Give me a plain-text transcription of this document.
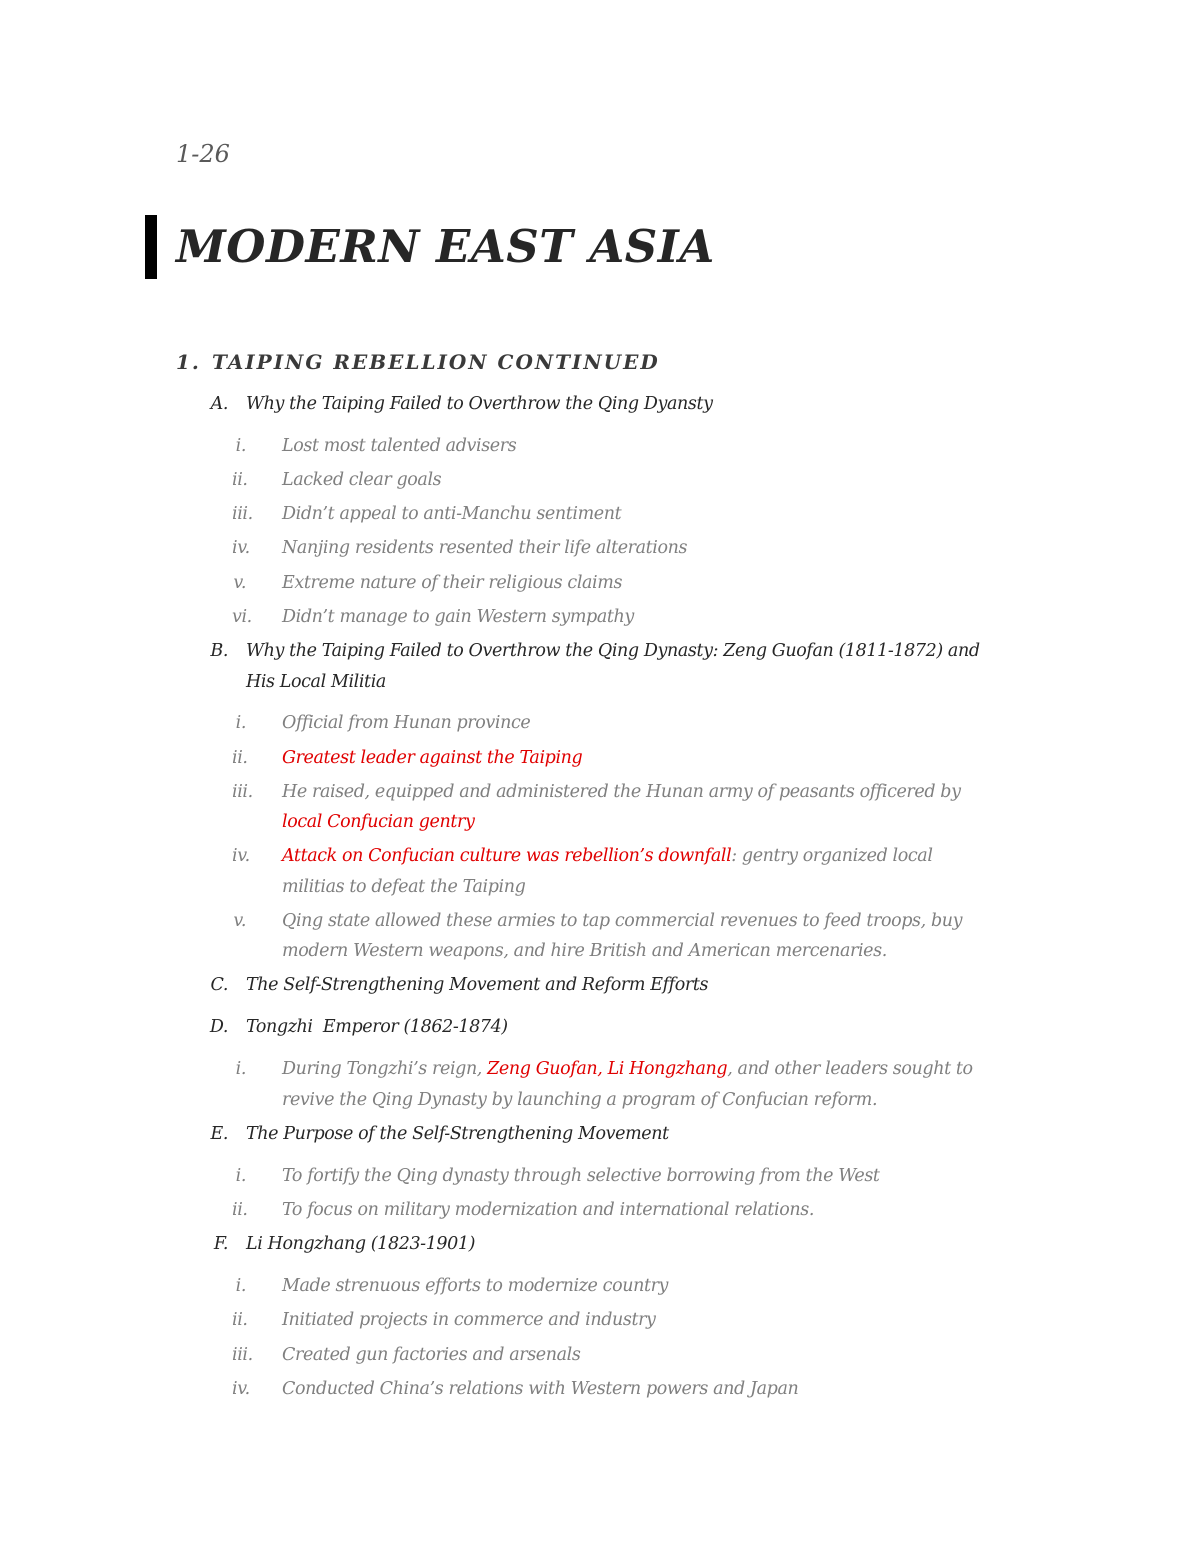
1-26

MODERN EAST ASIA
1. TAIPING REBELLION CONTINUED
A. Why the Taiping Failed to Overthrow the Qing Dyansty
i. Lost most talented advisers
ii. Lacked clear goals
iii. Didn’t appeal to anti-Manchu sentiment
iv. Nanjing residents resented their life alterations
v. Extreme nature of their religious claims
vi. Didn’t manage to gain Western sympathy
B. Why the Taiping Failed to Overthrow the Qing Dynasty: Zeng Guofan (1811-1872) and
His Local Militia
i. Official from Hunan province
ii. Greatest leader against the Taiping
iii. He raised, equipped and administered the Hunan army of peasants officered by
local Confucian gentry
iv. Attack on Confucian culture was rebellion’s downfall: gentry organized local
militias to defeat the Taiping
v. Qing state allowed these armies to tap commercial revenues to feed troops, buy
modern Western weapons, and hire British and American mercenaries.
C. The Self-Strengthening Movement and Reform Efforts
D. Tongzhi  Emperor (1862-1874)
i. During Tongzhi’s reign, Zeng Guofan, Li Hongzhang, and other leaders sought to
revive the Qing Dynasty by launching a program of Confucian reform.
E. The Purpose of the Self-Strengthening Movement
i. To fortify the Qing dynasty through selective borrowing from the West
ii. To focus on military modernization and international relations.
F. Li Hongzhang (1823-1901)
i. Made strenuous efforts to modernize country
ii. Initiated projects in commerce and industry
iii. Created gun factories and arsenals
iv. Conducted China’s relations with Western powers and Japan
